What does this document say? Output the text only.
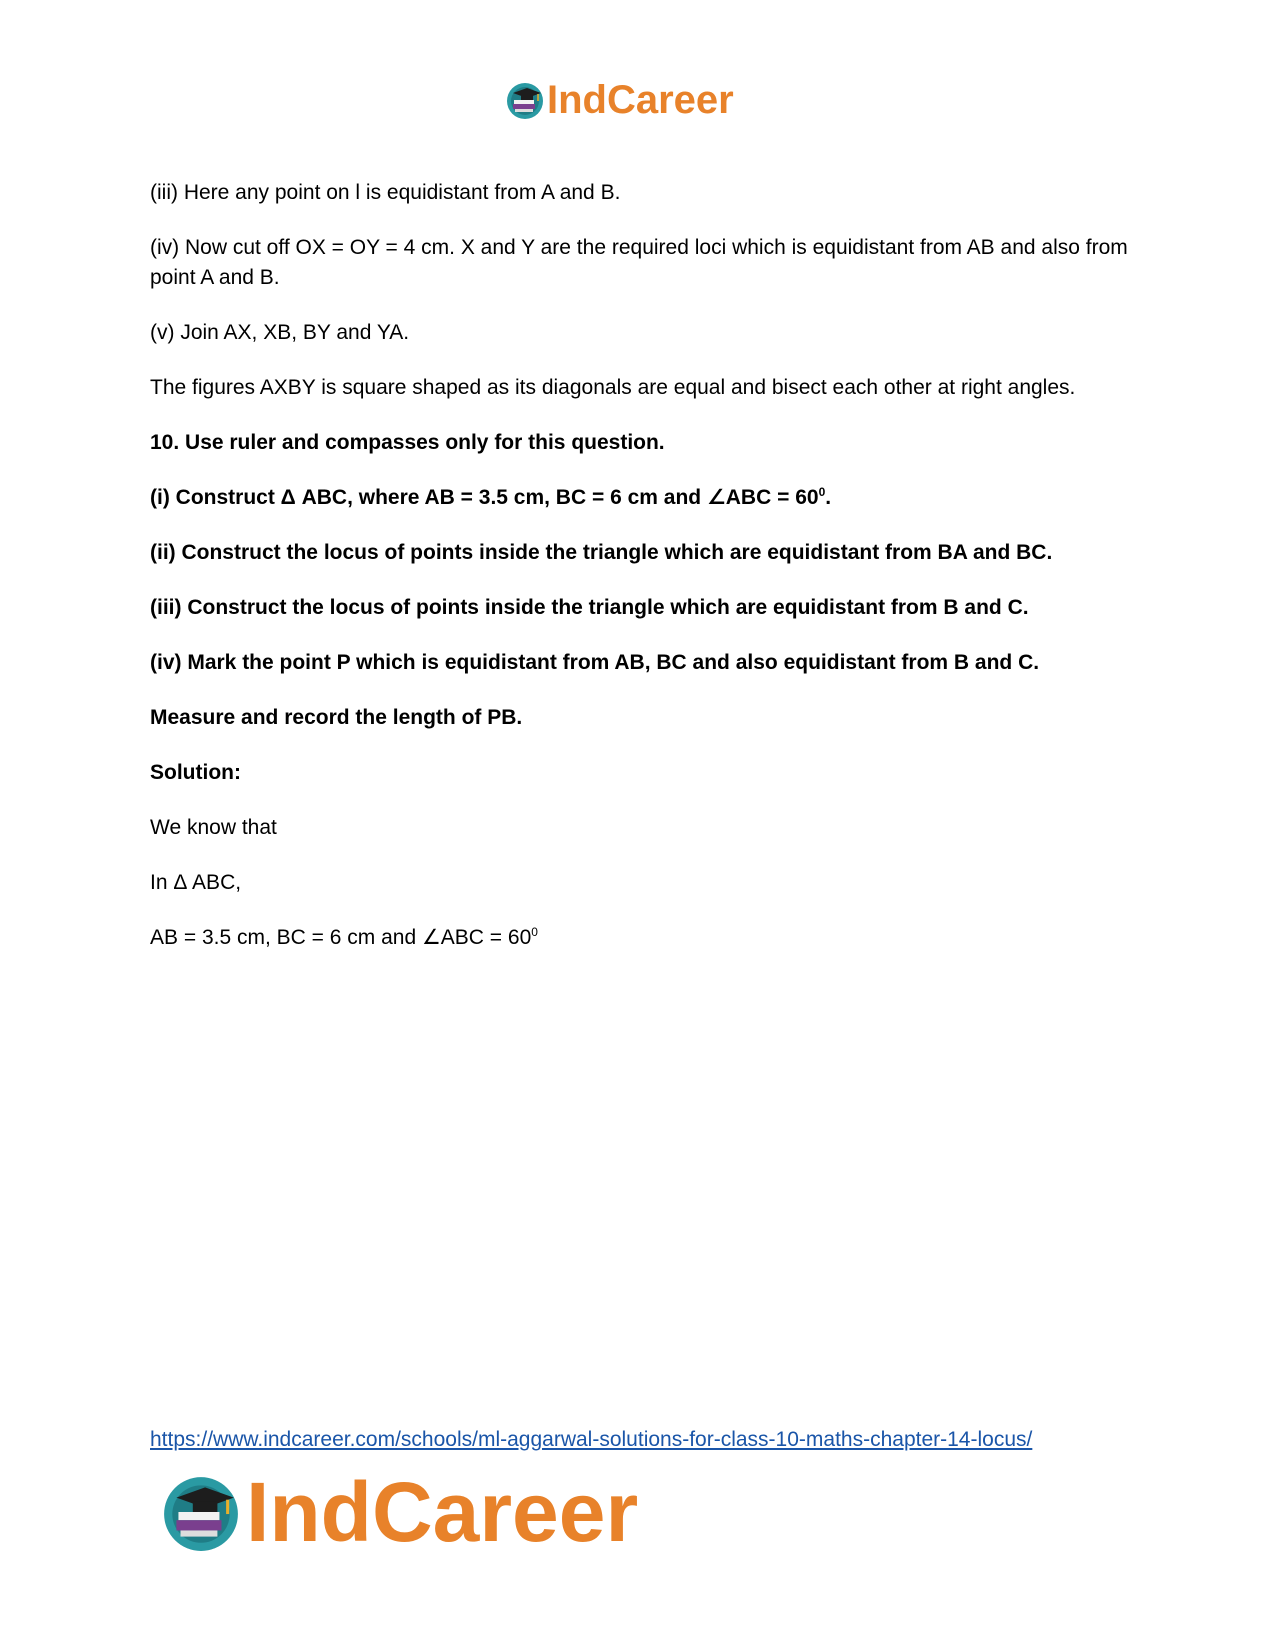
IndCareer

(iii) Here any point on l is equidistant from A and B.

(iv) Now cut off OX = OY = 4 cm. X and Y are the required loci which is equidistant from AB and also from point A and B.

(v) Join AX, XB, BY and YA.

The figures AXBY is square shaped as its diagonals are equal and bisect each other at right angles.

10. Use ruler and compasses only for this question.

(i) Construct Δ ABC, where AB = 3.5 cm, BC = 6 cm and ∠ABC = $60^0$.

(ii) Construct the locus of points inside the triangle which are equidistant from BA and BC.

(iii) Construct the locus of points inside the triangle which are equidistant from B and C.

(iv) Mark the point P which is equidistant from AB, BC and also equidistant from B and C.

Measure and record the length of PB.

Solution:

We know that

In Δ ABC,

AB = 3.5 cm, BC = 6 cm and ∠ABC = $60^0$

https://www.indcareer.com/schools/ml-aggarwal-solutions-for-class-10-maths-chapter-14-locus/
IndCareer
